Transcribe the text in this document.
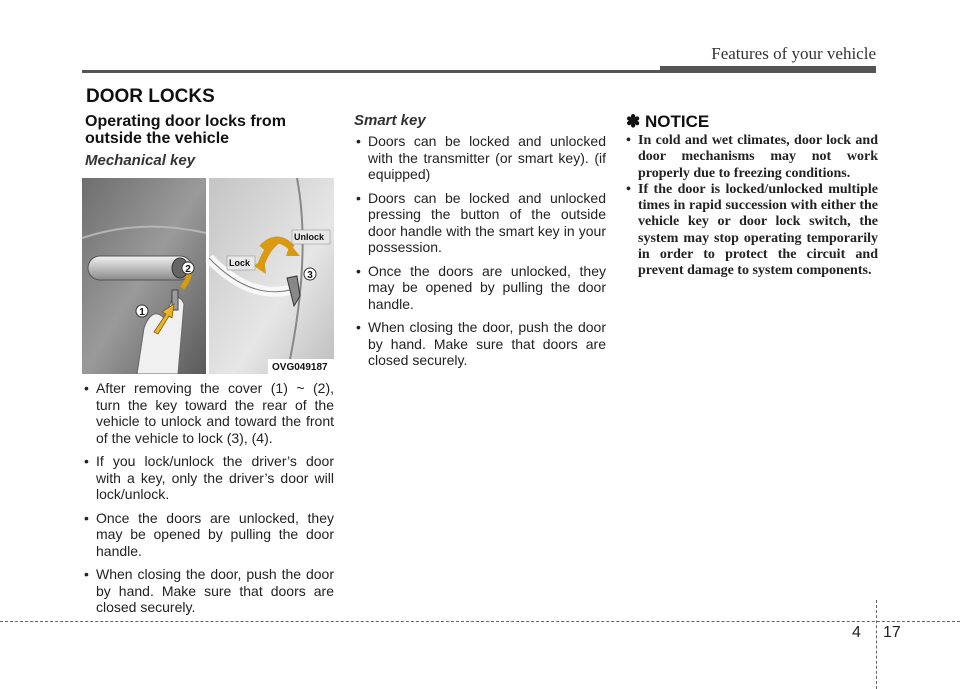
Features of your vehicle
DOOR LOCKS
Operating door locks from
outside the vehicle
Mechanical key
• After removing the cover (1) ~ (2), turn the key toward the rear of the vehicle to unlock and toward the front of the vehicle to lock (3), (4).
• If you lock/unlock the driver’s door with a key, only the driver’s door will lock/unlock.
• Once the doors are unlocked, they may be opened by pulling the door handle.
• When closing the door, push the door by hand. Make sure that doors are closed securely.
1
2
3
Lock
Unlock
OVG049187
Smart key
• Doors can be locked and unlocked with the transmitter (or smart key). (if equipped)
• Doors can be locked and unlocked pressing the button of the outside door handle with the smart key in your possession.
• Once the doors are unlocked, they may be opened by pulling the door handle.
• When closing the door, push the door by hand. Make sure that doors are closed securely.
✽ NOTICE
• In cold and wet climates, door lock and door mechanisms may not work properly due to freezing conditions.
• If the door is locked/unlocked multiple times in rapid succession with either the vehicle key or door lock switch, the system may stop operating temporarily in order to protect the circuit and prevent damage to system components.
4 17
